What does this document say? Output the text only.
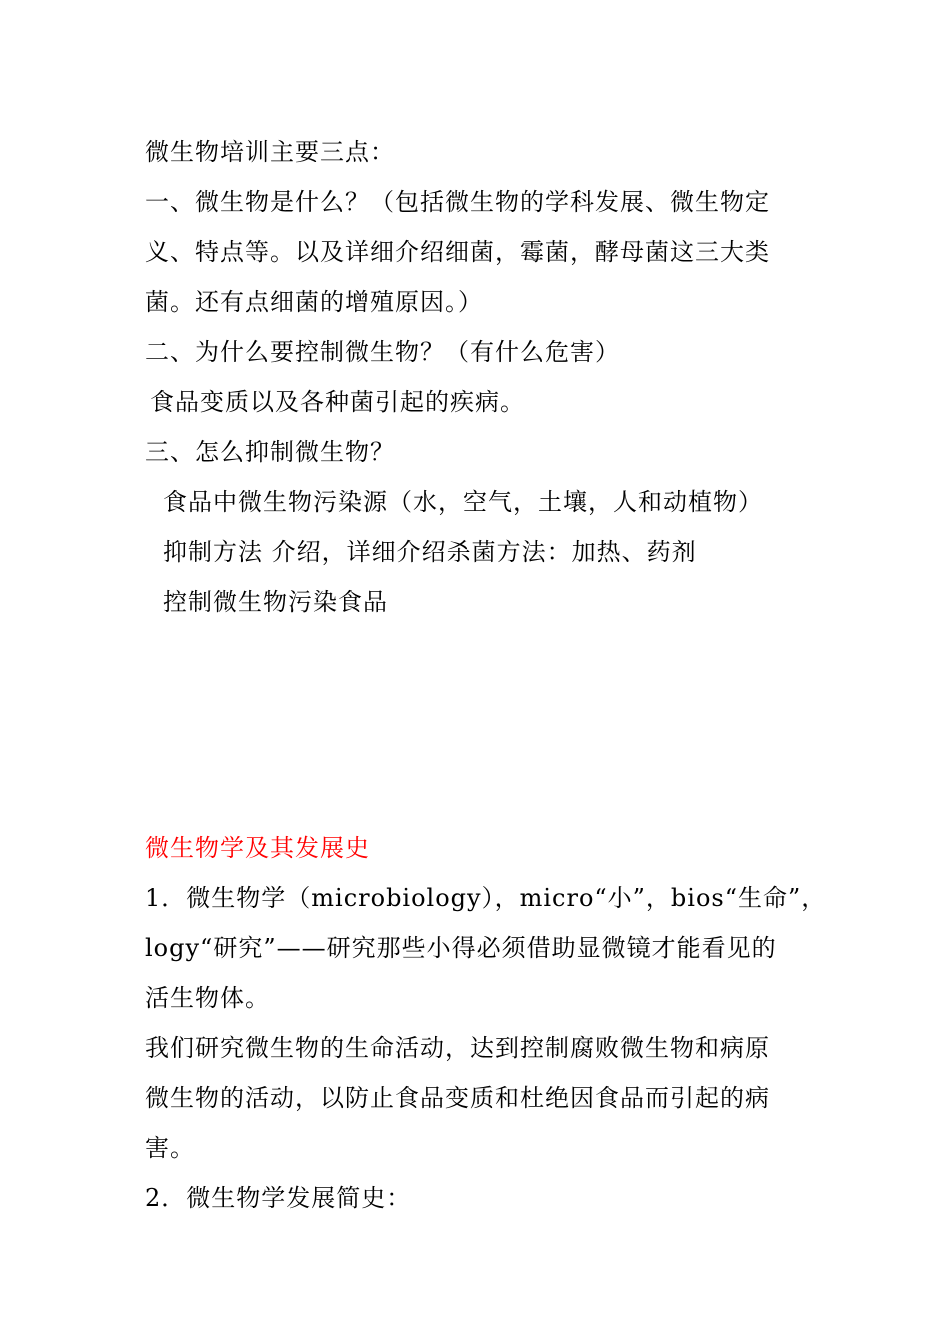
微生物培训主要三点：
一、微生物是什么？（包括微生物的学科发展、微生物定
义、特点等。以及详细介绍细菌，霉菌，酵母菌这三大类
菌。还有点细菌的增殖原因。）
二、为什么要控制微生物？（有什么危害）
食品变质以及各种菌引起的疾病。
三、怎么抑制微生物？
食品中微生物污染源（水，空气，土壤，人和动植物）
抑制方法 介绍，详细介绍杀菌方法：加热、药剂
控制微生物污染食品
微生物学及其发展史
1．微生物学（microbiology），micro“小”，bios“生命”，
logy“研究”——研究那些小得必须借助显微镜才能看见的
活生物体。
我们研究微生物的生命活动，达到控制腐败微生物和病原
微生物的活动，以防止食品变质和杜绝因食品而引起的病
害。
2．微生物学发展简史：
